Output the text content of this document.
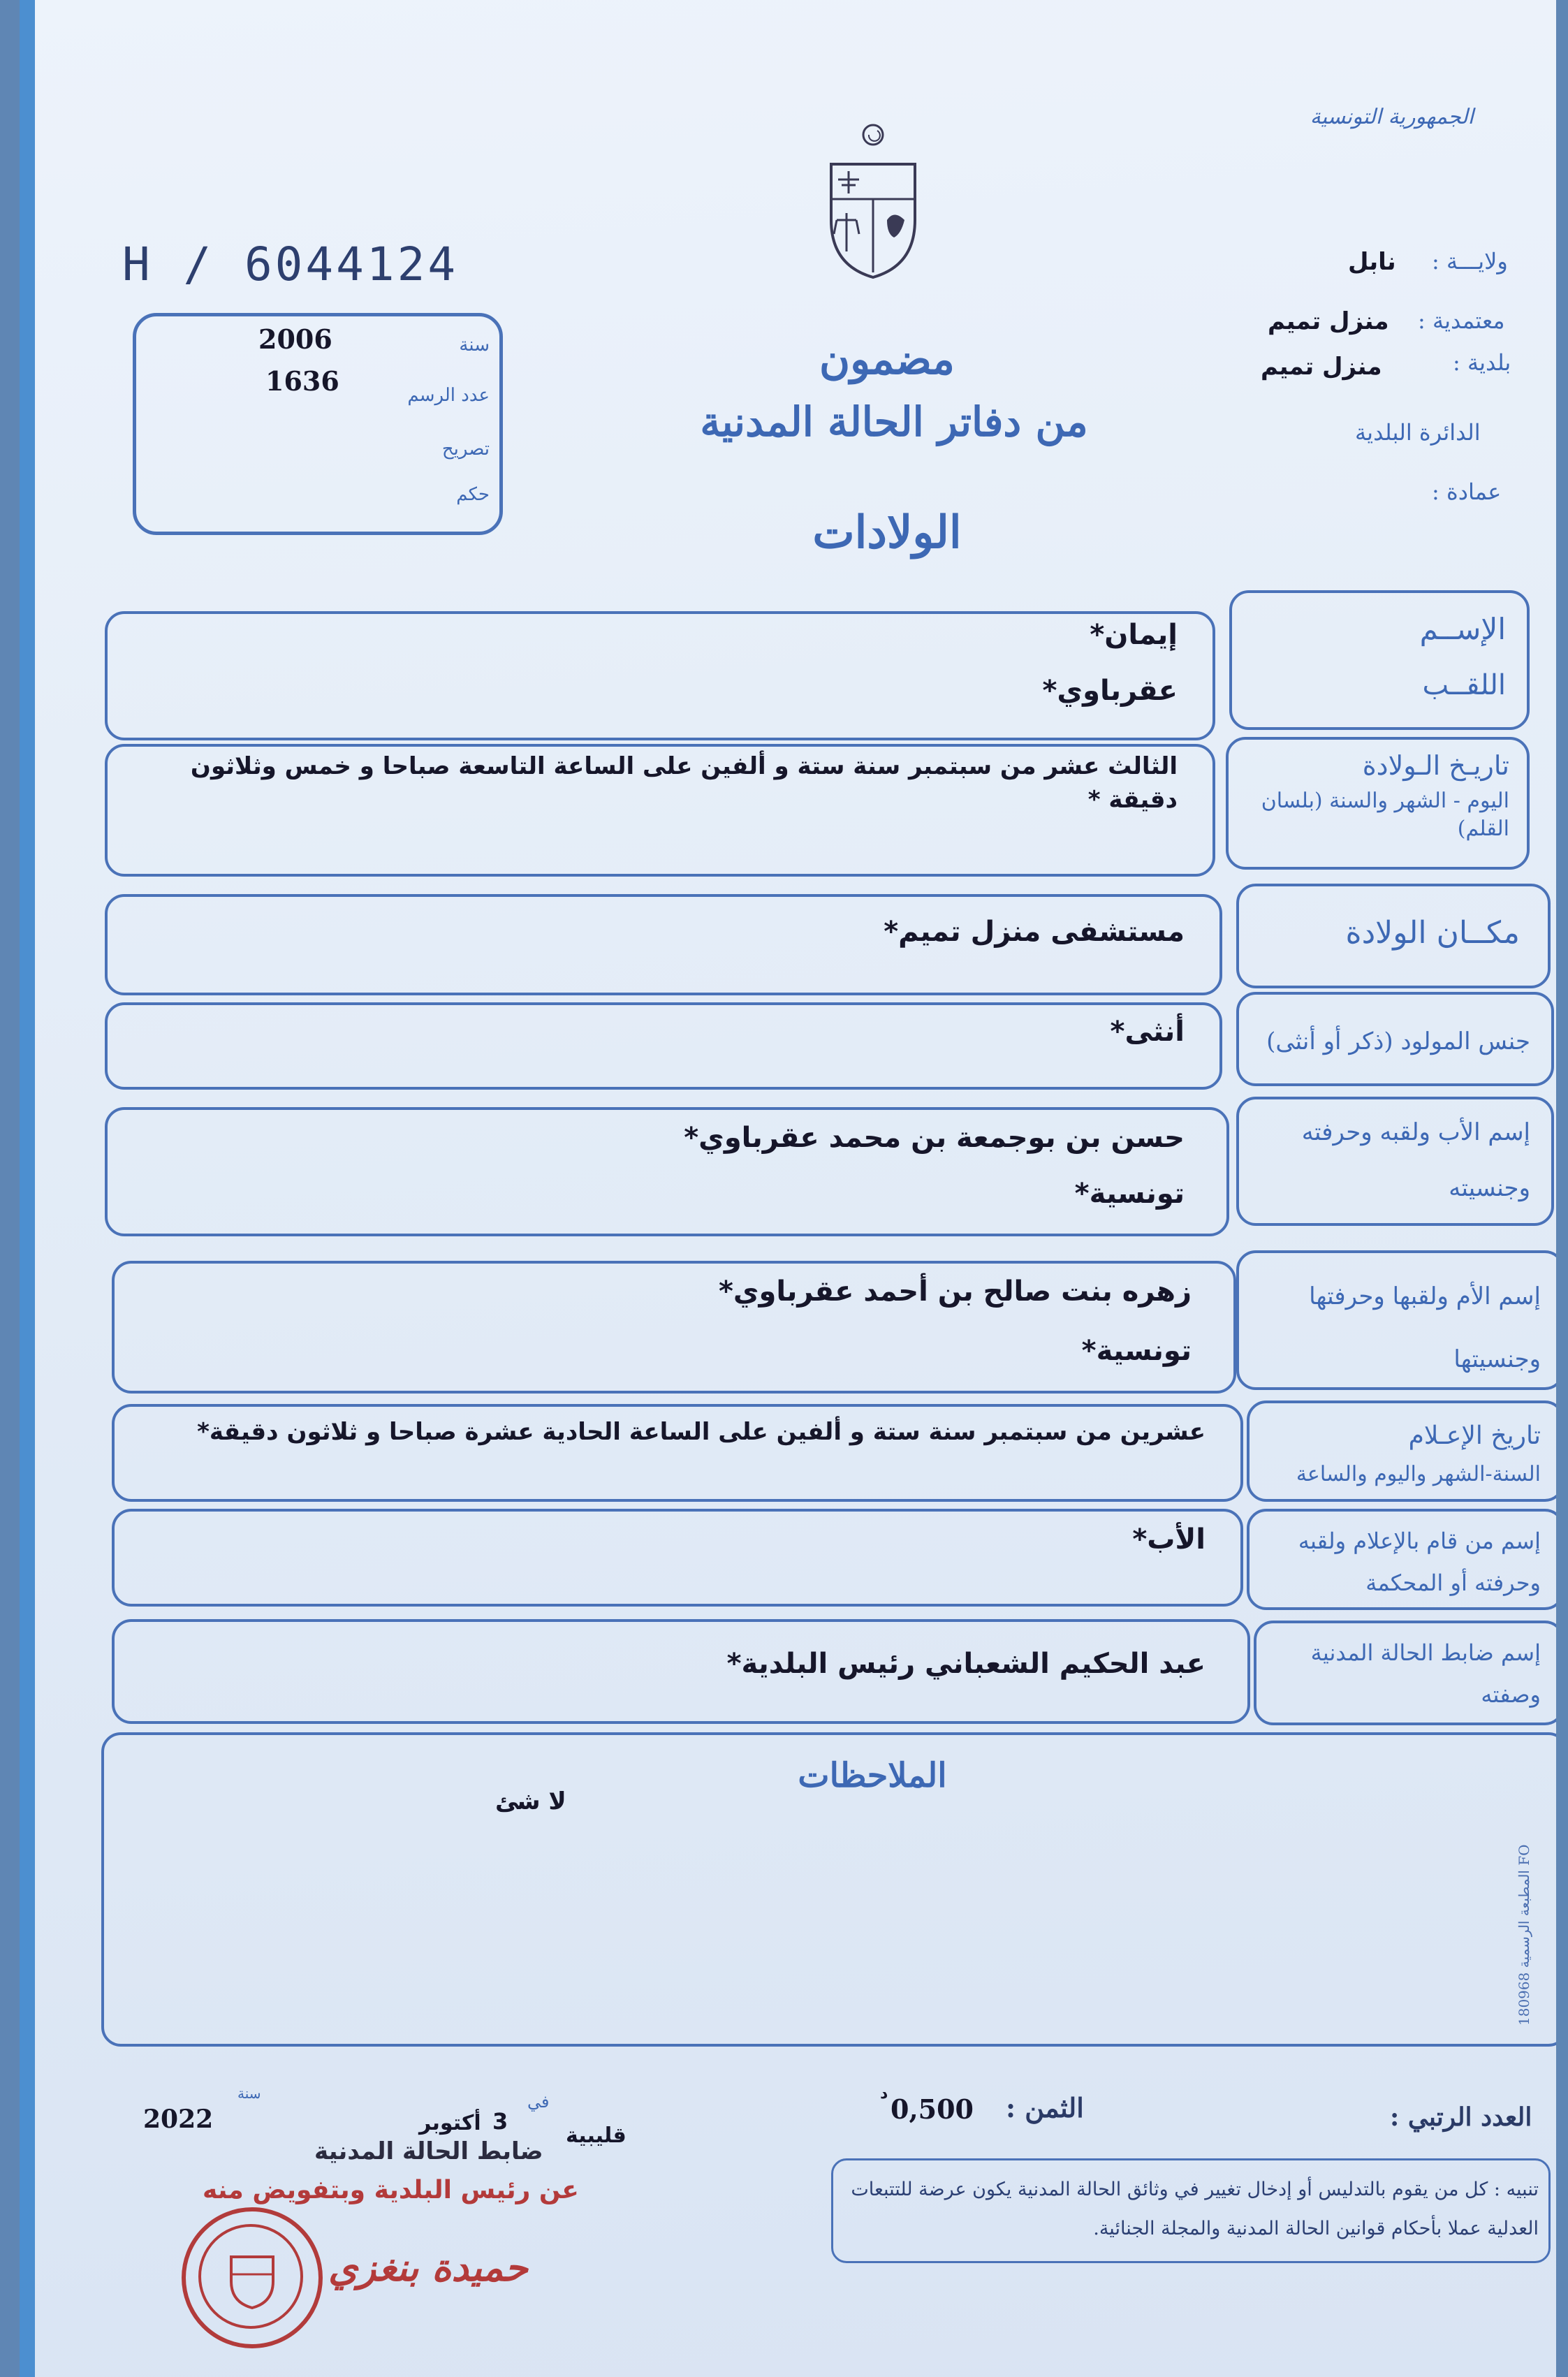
الجمهورية التونسية
H / 6044124
سنة
2006
عدد الرسم
1636
تصريح
حكم
ولايـــة :
نابل
معتمدية :
منزل تميم
بلدية :
منزل تميم
الدائرة البلدية
عمادة :
مضمون
من دفاتر الحالة المدنية
الولادات
الإســم
اللقــب
إيمان*
عقرباوي*
تاريـخ الـولادة
اليوم - الشهر والسنة (بلسان القلم)
الثالث عشر من سبتمبر سنة ستة و ألفين على الساعة التاسعة صباحا و خمس وثلاثون دقيقة *
مكــان الولادة
مستشفى منزل تميم*
جنس المولود (ذكر أو أنثى)
أنثى*
إسم الأب ولقبه وحرفته
وجنسيته
حسن بن بوجمعة بن محمد عقرباوي*
تونسية*
إسم الأم ولقبها وحرفتها
وجنسيتها
زهره بنت صالح بن أحمد عقرباوي*
تونسية*
تاريخ الإعـلام
السنة-الشهر واليوم والساعة
عشرين من سبتمبر سنة ستة و ألفين على الساعة الحادية عشرة صباحا و ثلاثون دقيقة*
إسم من قام بالإعلام ولقبه
وحرفته أو المحكمة
الأب*
إسم ضابط الحالة المدنية
وصفته
عبد الحكيم الشعباني رئيس البلدية*
الملاحظات
لا شئ
المطبعة الرسمية 180968 FO
العدد الرتبي :
الثمن :
0,500
د
سنة
2022
في
3
أكتوبر
قليبية
ضابط الحالة المدنية
عن رئيس البلدية وبتفويض منه
حميدة بنغزي
تنبيه : كل من يقوم بالتدليس أو إدخال تغيير في وثائق الحالة المدنية يكون عرضة للتتبعات العدلية عملا بأحكام قوانين الحالة المدنية والمجلة الجنائية.
